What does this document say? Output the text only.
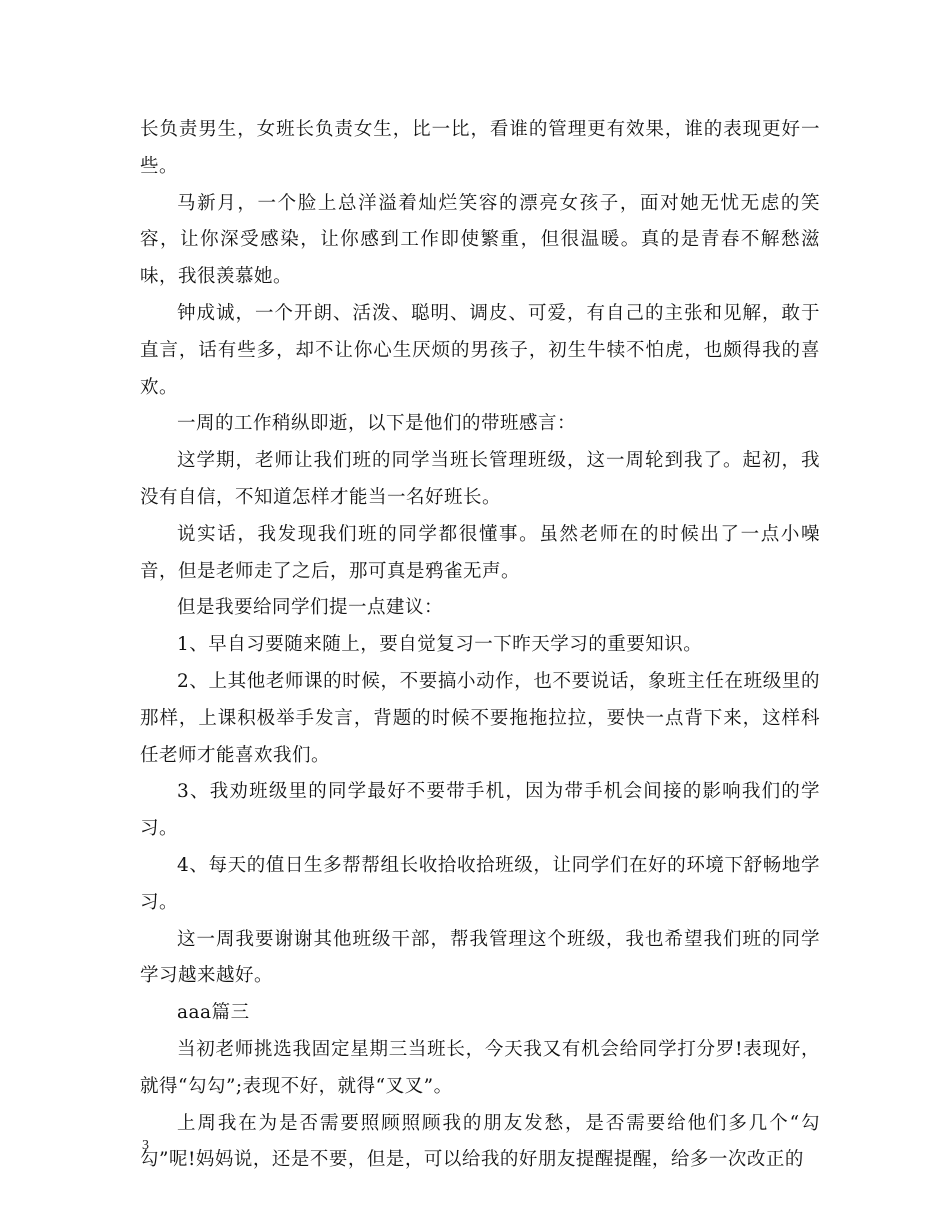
长负责男生，女班长负责女生，比一比，看谁的管理更有效果，谁的表现更好一些。

马新月，一个脸上总洋溢着灿烂笑容的漂亮女孩子，面对她无忧无虑的笑容，让你深受感染，让你感到工作即使繁重，但很温暖。真的是青春不解愁滋味，我很羡慕她。

钟成诚，一个开朗、活泼、聪明、调皮、可爱，有自己的主张和见解，敢于直言，话有些多，却不让你心生厌烦的男孩子，初生牛犊不怕虎，也颇得我的喜欢。

一周的工作稍纵即逝，以下是他们的带班感言：

这学期，老师让我们班的同学当班长管理班级，这一周轮到我了。起初，我没有自信，不知道怎样才能当一名好班长。

说实话，我发现我们班的同学都很懂事。虽然老师在的时候出了一点小噪音，但是老师走了之后，那可真是鸦雀无声。

但是我要给同学们提一点建议：

1、早自习要随来随上，要自觉复习一下昨天学习的重要知识。

2、上其他老师课的时候，不要搞小动作，也不要说话，象班主任在班级里的那样，上课积极举手发言，背题的时候不要拖拖拉拉，要快一点背下来，这样科任老师才能喜欢我们。

3、我劝班级里的同学最好不要带手机，因为带手机会间接的影响我们的学习。

4、每天的值日生多帮帮组长收拾收拾班级，让同学们在好的环境下舒畅地学习。

这一周我要谢谢其他班级干部，帮我管理这个班级，我也希望我们班的同学学习越来越好。

aaa篇三

当初老师挑选我固定星期三当班长，今天我又有机会给同学打分罗!表现好，就得“勾勾”;表现不好，就得“叉叉”。

上周我在为是否需要照顾照顾我的朋友发愁，是否需要给他们多几个“勾勾”呢!妈妈说，还是不要，但是，可以给我的好朋友提醒提醒，给多一次改正的

3
